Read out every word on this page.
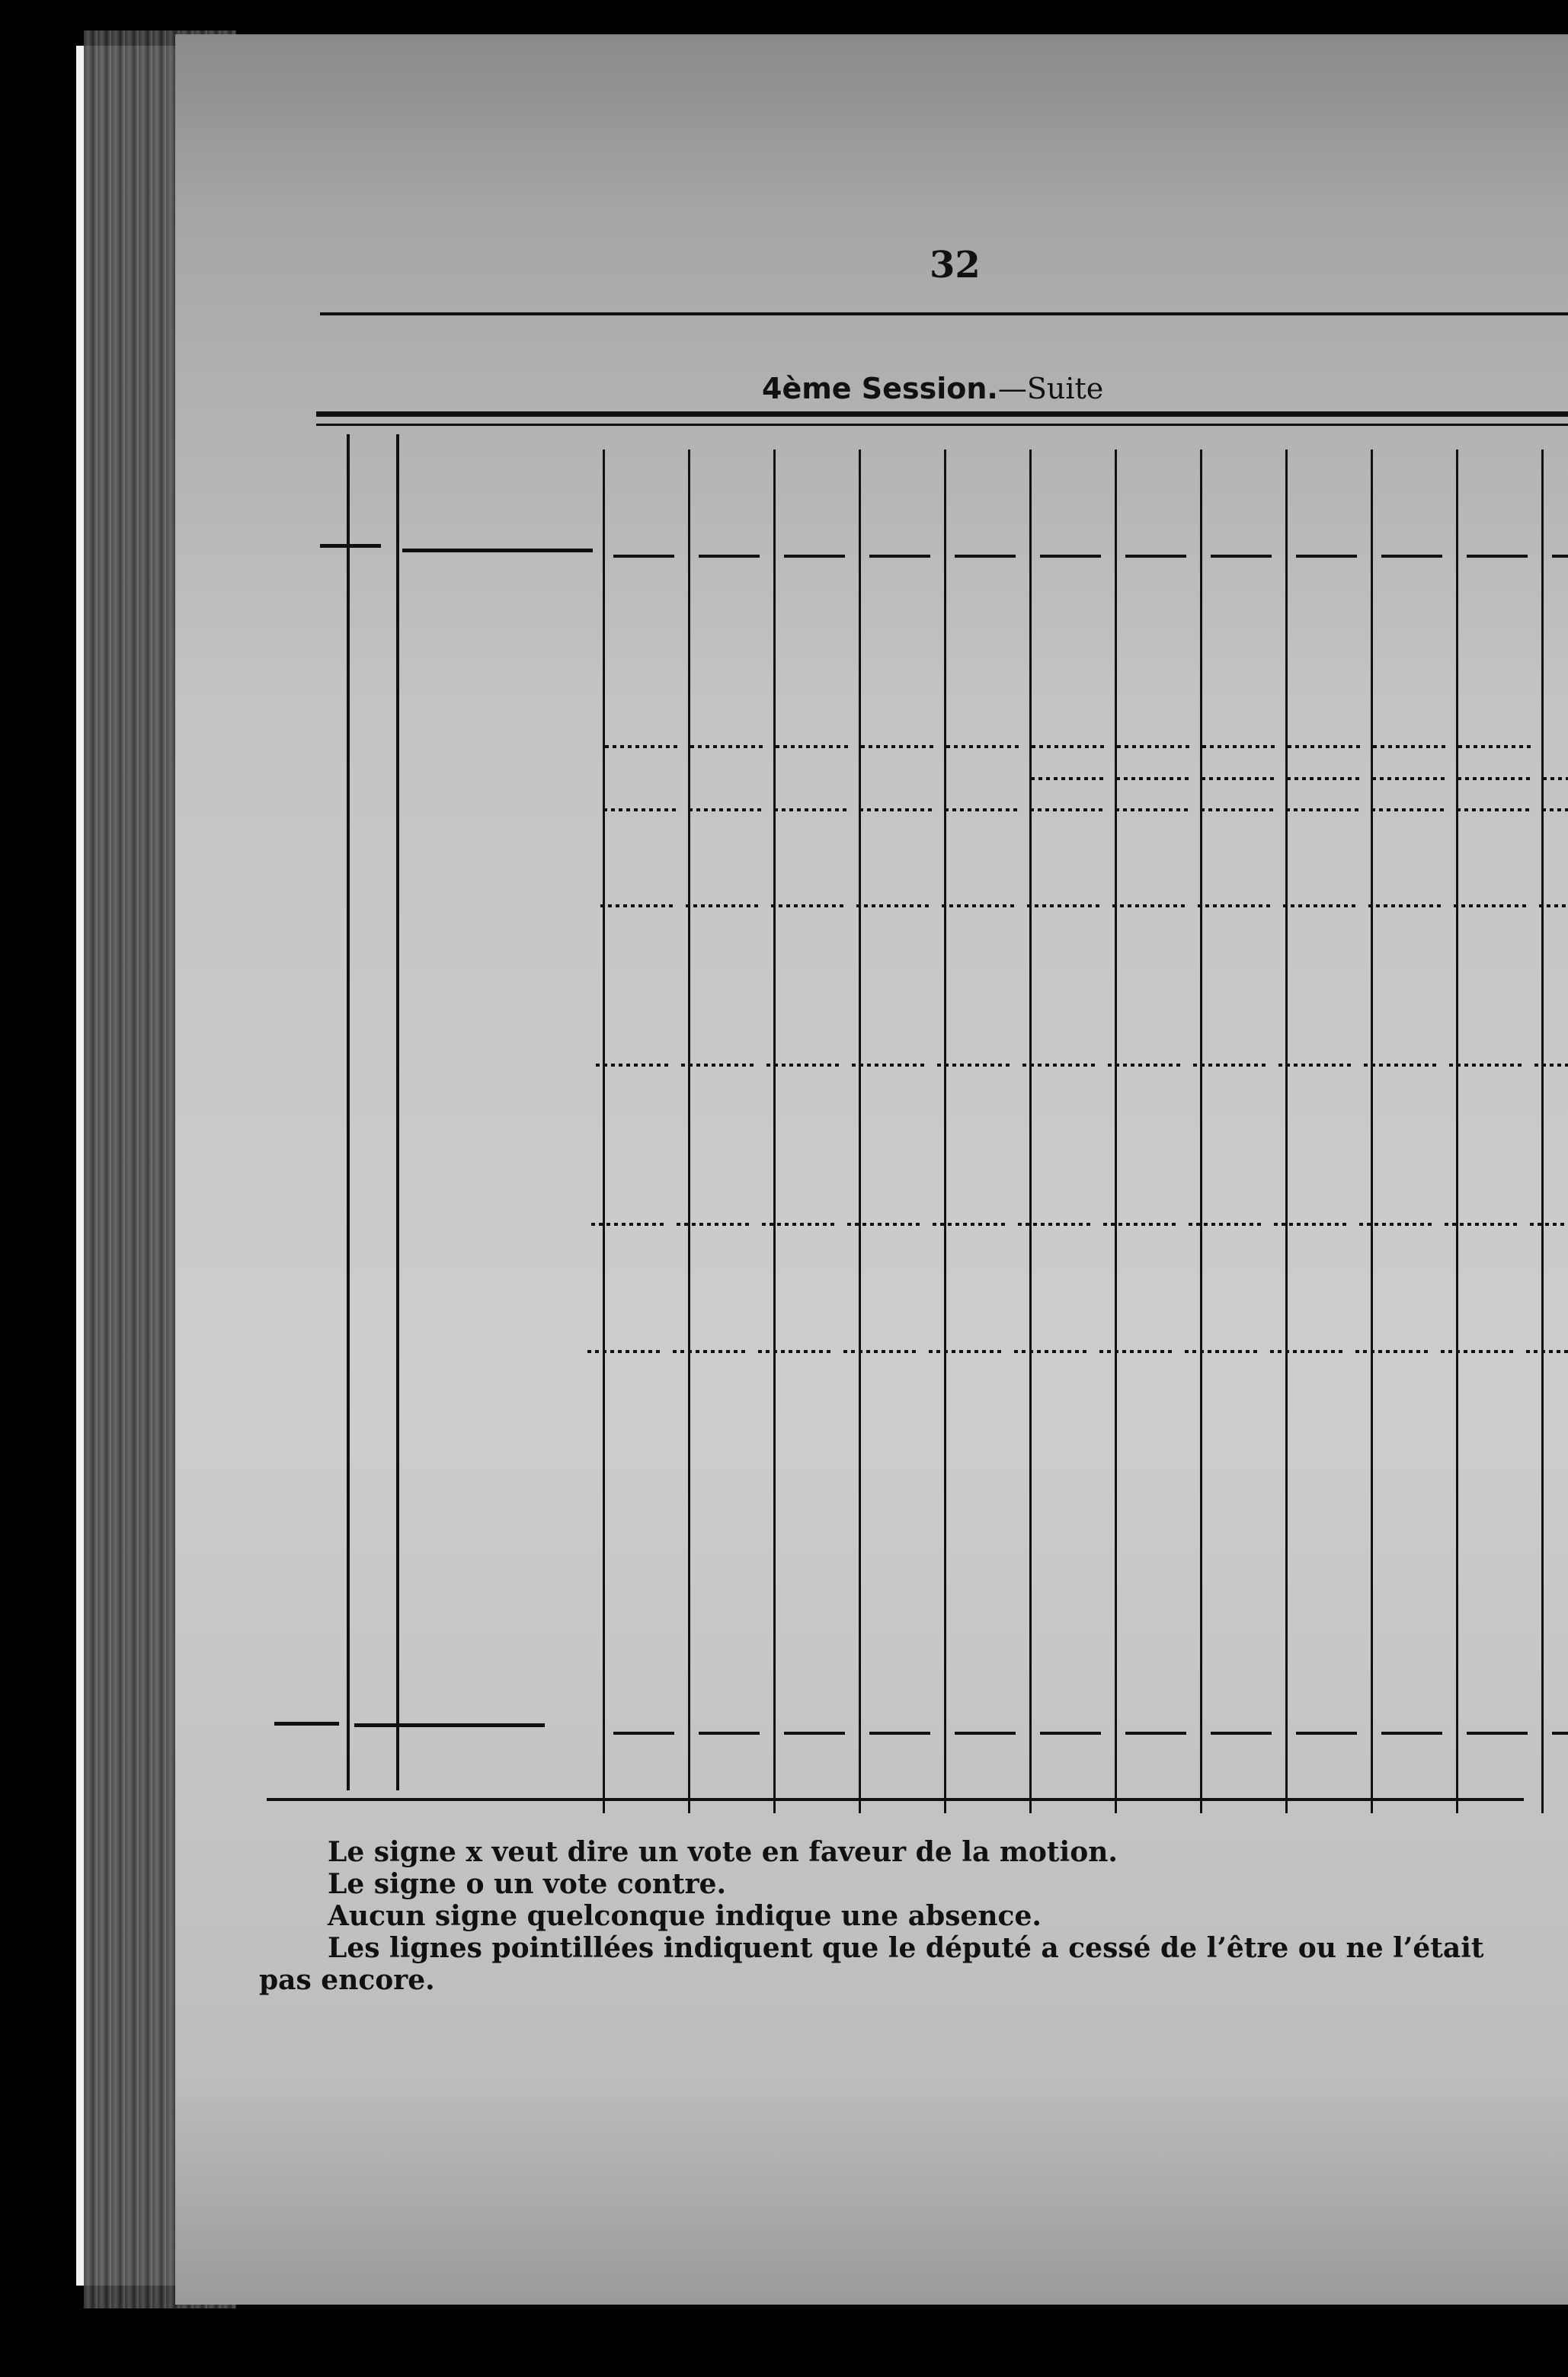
32
4ème Session.—Suite
Le signe x veut dire un vote en faveur de la motion.
Le signe o un vote contre.
Aucun signe quelconque indique une absence.
Les lignes pointillées indiquent que le député a cessé de l’être ou ne l’était
pas encore.
